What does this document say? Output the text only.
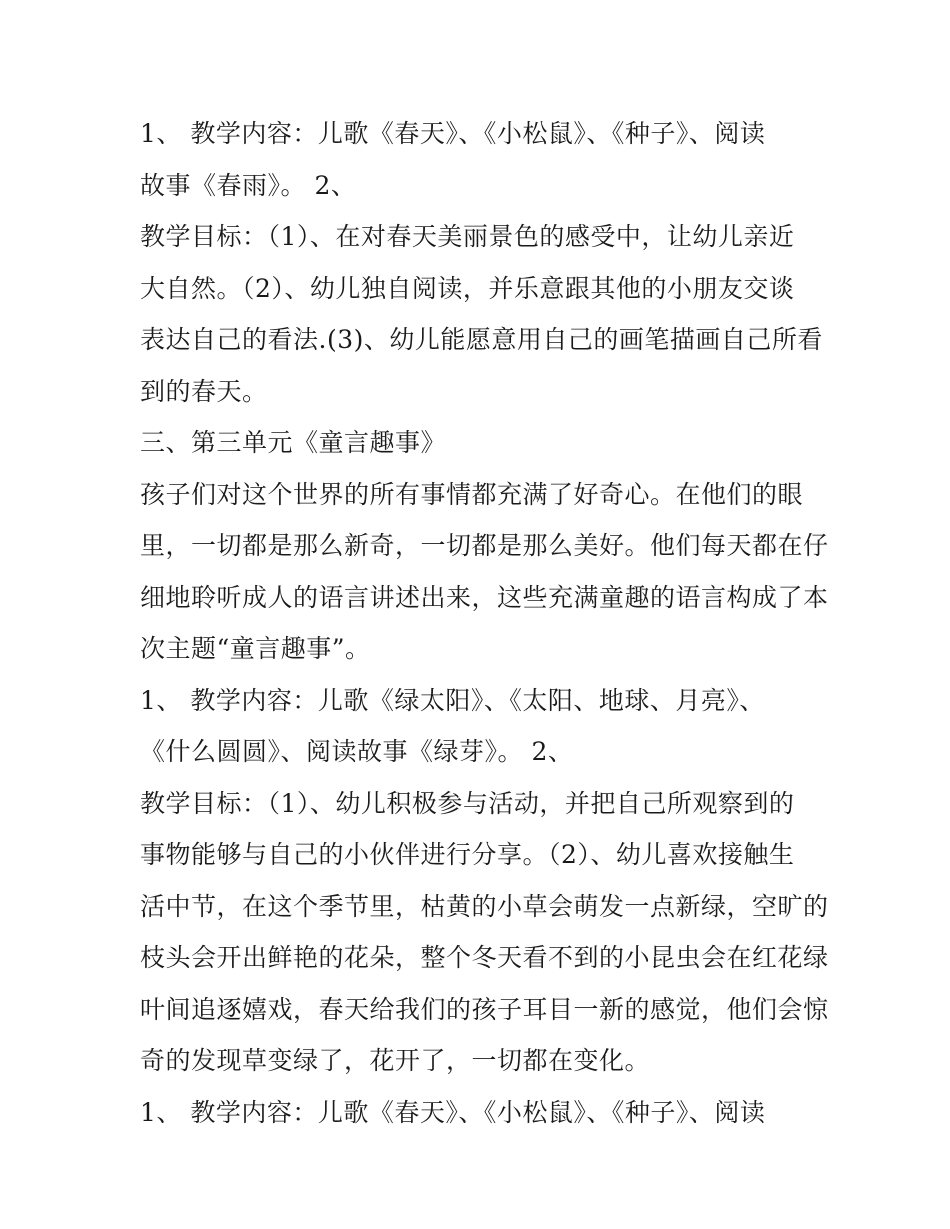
1、 教学内容：儿歌《春天》、《小松鼠》、《种子》、阅读
故事《春雨》。 2、
教学目标：（1）、在对春天美丽景色的感受中，让幼儿亲近
大自然。（2）、幼儿独自阅读，并乐意跟其他的小朋友交谈
表达自己的看法.(3)、幼儿能愿意用自己的画笔描画自己所看
到的春天。
三、第三单元《童言趣事》
孩子们对这个世界的所有事情都充满了好奇心。在他们的眼
里，一切都是那么新奇，一切都是那么美好。他们每天都在仔
细地聆听成人的语言讲述出来，这些充满童趣的语言构成了本
次主题“童言趣事”。
1、 教学内容：儿歌《绿太阳》、《太阳、地球、月亮》、
《什么圆圆》、阅读故事《绿芽》。 2、
教学目标：（1）、幼儿积极参与活动，并把自己所观察到的
事物能够与自己的小伙伴进行分享。（2）、幼儿喜欢接触生
活中节，在这个季节里，枯黄的小草会萌发一点新绿，空旷的
枝头会开出鲜艳的花朵，整个冬天看不到的小昆虫会在红花绿
叶间追逐嬉戏，春天给我们的孩子耳目一新的感觉，他们会惊
奇的发现草变绿了，花开了，一切都在变化。
1、 教学内容：儿歌《春天》、《小松鼠》、《种子》、阅读
